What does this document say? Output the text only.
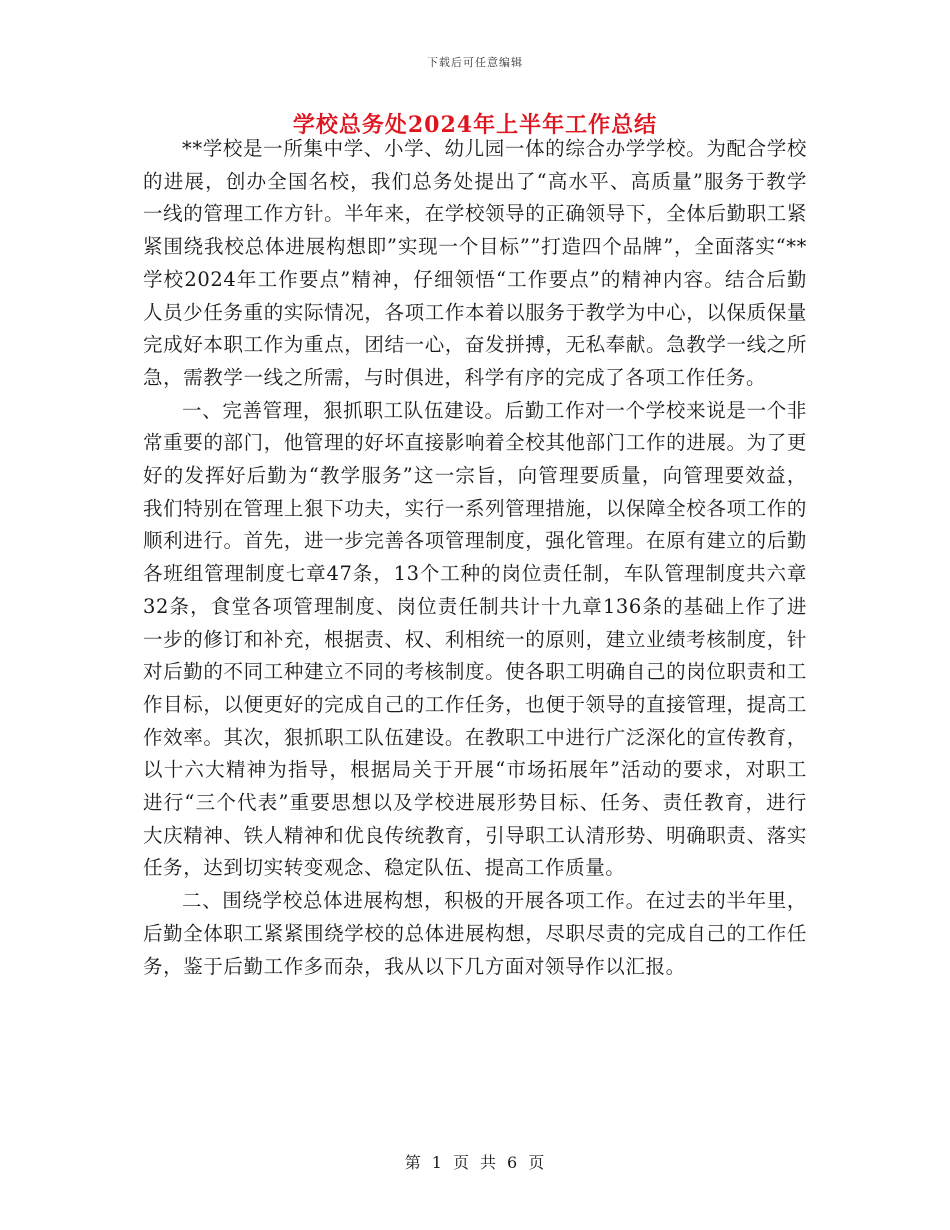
下载后可任意编辑
学校总务处2024年上半年工作总结

**学校是一所集中学、小学、幼儿园一体的综合办学学校。为配合学校的进展，创办全国名校，我们总务处提出了“高水平、高质量”服务于教学一线的管理工作方针。半年来，在学校领导的正确领导下，全体后勤职工紧紧围绕我校总体进展构想即”实现一个目标””打造四个品牌”，全面落实“**学校2024年工作要点”精神，仔细领悟“工作要点”的精神内容。结合后勤人员少任务重的实际情况，各项工作本着以服务于教学为中心，以保质保量完成好本职工作为重点，团结一心，奋发拼搏，无私奉献。急教学一线之所急，需教学一线之所需，与时俱进，科学有序的完成了各项工作任务。

一、完善管理，狠抓职工队伍建设。后勤工作对一个学校来说是一个非常重要的部门，他管理的好坏直接影响着全校其他部门工作的进展。为了更好的发挥好后勤为“教学服务”这一宗旨，向管理要质量，向管理要效益，我们特别在管理上狠下功夫，实行一系列管理措施，以保障全校各项工作的顺利进行。首先，进一步完善各项管理制度，强化管理。在原有建立的后勤各班组管理制度七章47条，13个工种的岗位责任制，车队管理制度共六章32条，食堂各项管理制度、岗位责任制共计十九章136条的基础上作了进一步的修订和补充，根据责、权、利相统一的原则，建立业绩考核制度，针对后勤的不同工种建立不同的考核制度。使各职工明确自己的岗位职责和工作目标，以便更好的完成自己的工作任务，也便于领导的直接管理，提高工作效率。其次，狠抓职工队伍建设。在教职工中进行广泛深化的宣传教育，以十六大精神为指导，根据局关于开展“市场拓展年”活动的要求，对职工进行“三个代表”重要思想以及学校进展形势目标、任务、责任教育，进行大庆精神、铁人精神和优良传统教育，引导职工认清形势、明确职责、落实任务，达到切实转变观念、稳定队伍、提高工作质量。

二、围绕学校总体进展构想，积极的开展各项工作。在过去的半年里，后勤全体职工紧紧围绕学校的总体进展构想，尽职尽责的完成自己的工作任务，鉴于后勤工作多而杂，我从以下几方面对领导作以汇报。

第 1 页 共 6 页
